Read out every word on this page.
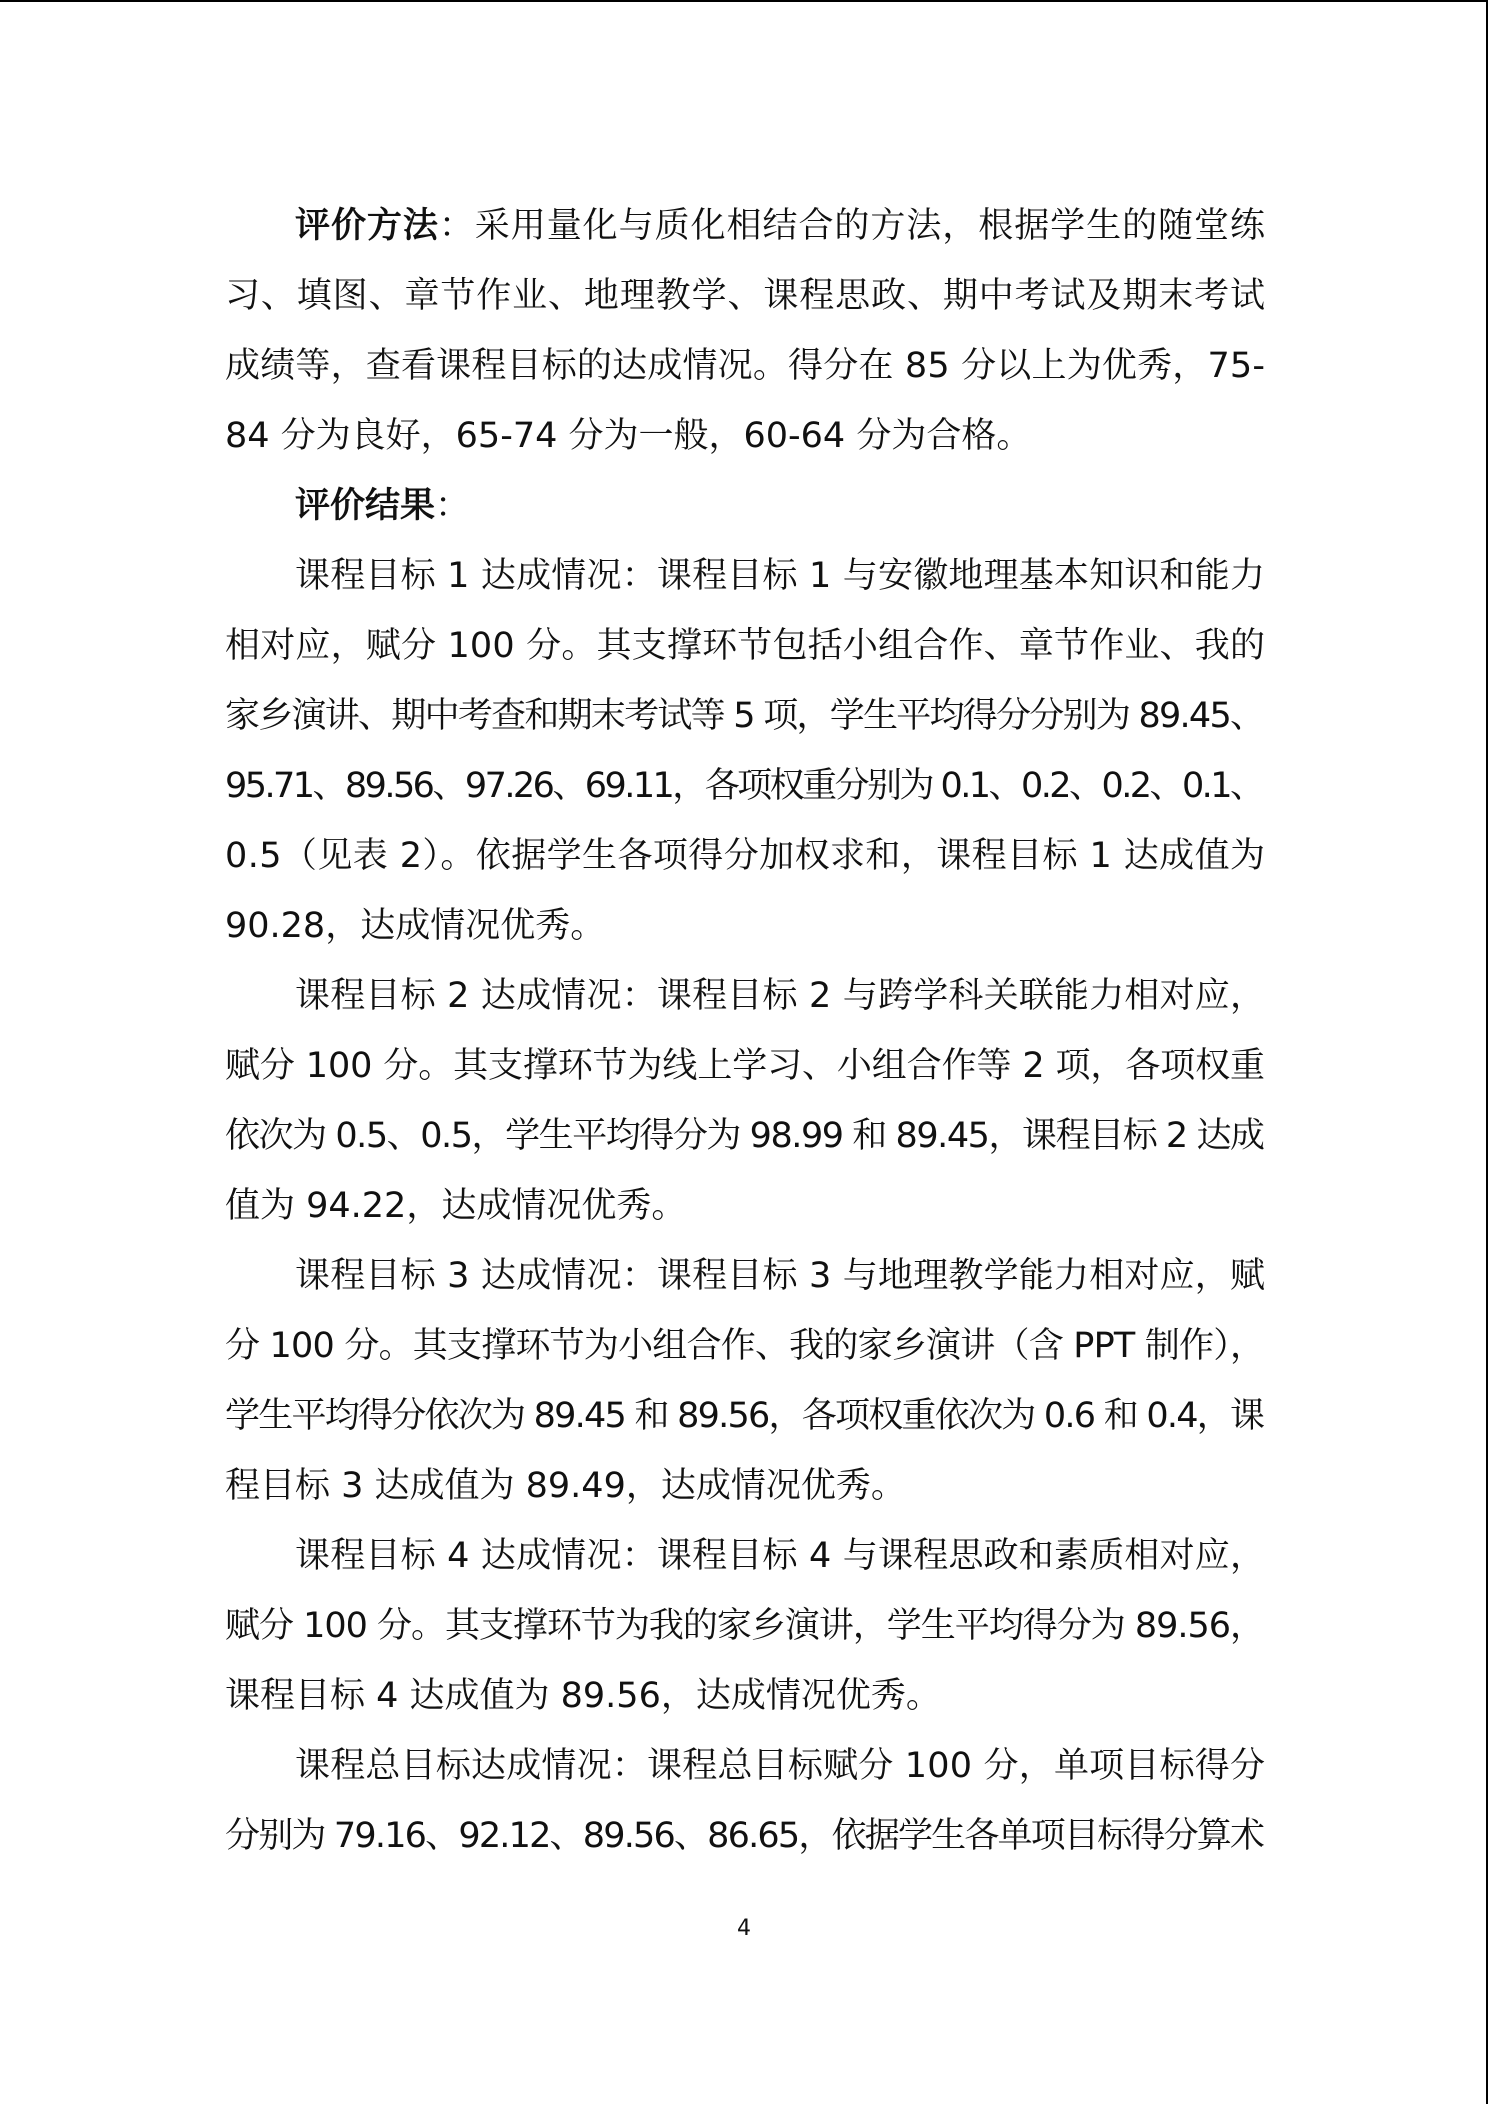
评价方法：采用量化与质化相结合的方法，根据学生的随堂练
习、填图、章节作业、地理教学、课程思政、期中考试及期末考试
成绩等，查看课程目标的达成情况。得分在 85 分以上为优秀，75-
84 分为良好，65-74 分为一般，60-64 分为合格。
评价结果：
课程目标 1 达成情况：课程目标 1 与安徽地理基本知识和能力
相对应，赋分 100 分。其支撑环节包括小组合作、章节作业、我的
家乡演讲、期中考查和期末考试等 5 项，学生平均得分分别为 89.45、
95.71、89.56、97.26、69.11，各项权重分别为 0.1、0.2、0.2、0.1、
0.5（见表 2）。依据学生各项得分加权求和，课程目标 1 达成值为
90.28，达成情况优秀。
课程目标 2 达成情况：课程目标 2 与跨学科关联能力相对应，
赋分 100 分。其支撑环节为线上学习、小组合作等 2 项，各项权重
依次为 0.5、0.5，学生平均得分为 98.99 和 89.45，课程目标 2 达成
值为 94.22，达成情况优秀。
课程目标 3 达成情况：课程目标 3 与地理教学能力相对应，赋
分 100 分。其支撑环节为小组合作、我的家乡演讲（含 PPT 制作），
学生平均得分依次为 89.45 和 89.56，各项权重依次为 0.6 和 0.4，课
程目标 3 达成值为 89.49，达成情况优秀。
课程目标 4 达成情况：课程目标 4 与课程思政和素质相对应，
赋分 100 分。其支撑环节为我的家乡演讲，学生平均得分为 89.56，
课程目标 4 达成值为 89.56，达成情况优秀。
课程总目标达成情况：课程总目标赋分 100 分，单项目标得分
分别为 79.16、92.12、89.56、86.65，依据学生各单项目标得分算术
4
